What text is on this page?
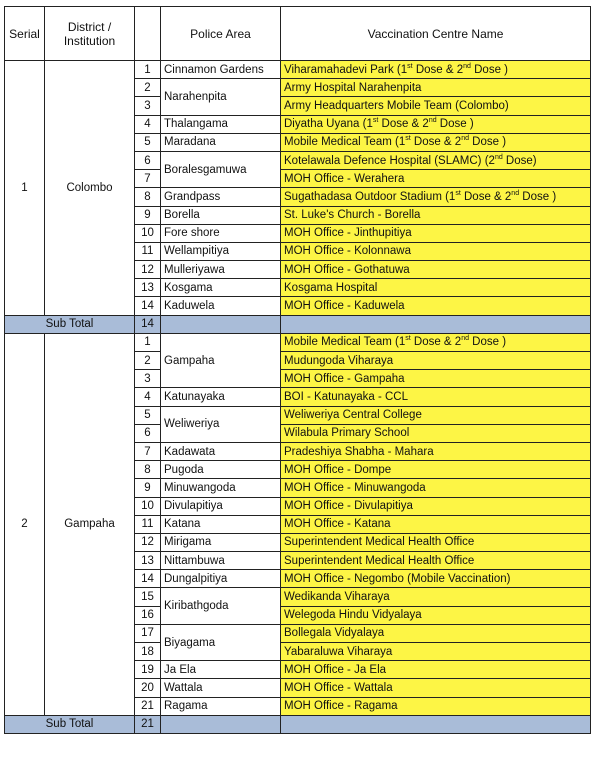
Serial	District / Institution		Police Area	Vaccination Centre Name
1	Colombo	1	Cinnamon Gardens	Viharamahadevi Park (1st Dose & 2nd Dose )
		2	Narahenpita	Army Hospital Narahenpita
		3		Army Headquarters Mobile Team (Colombo)
		4	Thalangama	Diyatha Uyana (1st Dose & 2nd Dose )
		5	Maradana	Mobile Medical Team (1st Dose & 2nd Dose )
		6	Boralesgamuwa	Kotelawala Defence Hospital (SLAMC) (2nd Dose)
		7		MOH Office - Werahera
		8	Grandpass	Sugathadasa Outdoor Stadium (1st Dose & 2nd Dose )
		9	Borella	St. Luke's Church - Borella
		10	Fore shore	MOH Office - Jinthupitiya
		11	Wellampitiya	MOH Office - Kolonnawa
		12	Mulleriyawa	MOH Office - Gothatuwa
		13	Kosgama	Kosgama Hospital
		14	Kaduwela	MOH Office - Kaduwela
Sub Total		14		
2	Gampaha	1	Gampaha	Mobile Medical Team (1st Dose & 2nd Dose )
		2		Mudungoda Viharaya
		3		MOH Office - Gampaha
		4	Katunayaka	BOI - Katunayaka - CCL
		5	Weliweriya	Weliweriya Central College
		6		Wilabula Primary School
		7	Kadawata	Pradeshiya Shabha - Mahara
		8	Pugoda	MOH Office - Dompe
		9	Minuwangoda	MOH Office - Minuwangoda
		10	Divulapitiya	MOH Office - Divulapitiya
		11	Katana	MOH Office - Katana
		12	Mirigama	Superintendent Medical Health Office
		13	Nittambuwa	Superintendent Medical Health Office
		14	Dungalpitiya	MOH Office - Negombo (Mobile Vaccination)
		15	Kiribathgoda	Wedikanda Viharaya
		16		Welegoda Hindu Vidyalaya
		17	Biyagama	Bollegala Vidyalaya
		18		Yabaraluwa Viharaya
		19	Ja Ela	MOH Office - Ja Ela
		20	Wattala	MOH Office - Wattala
		21	Ragama	MOH Office - Ragama
Sub Total		21		
